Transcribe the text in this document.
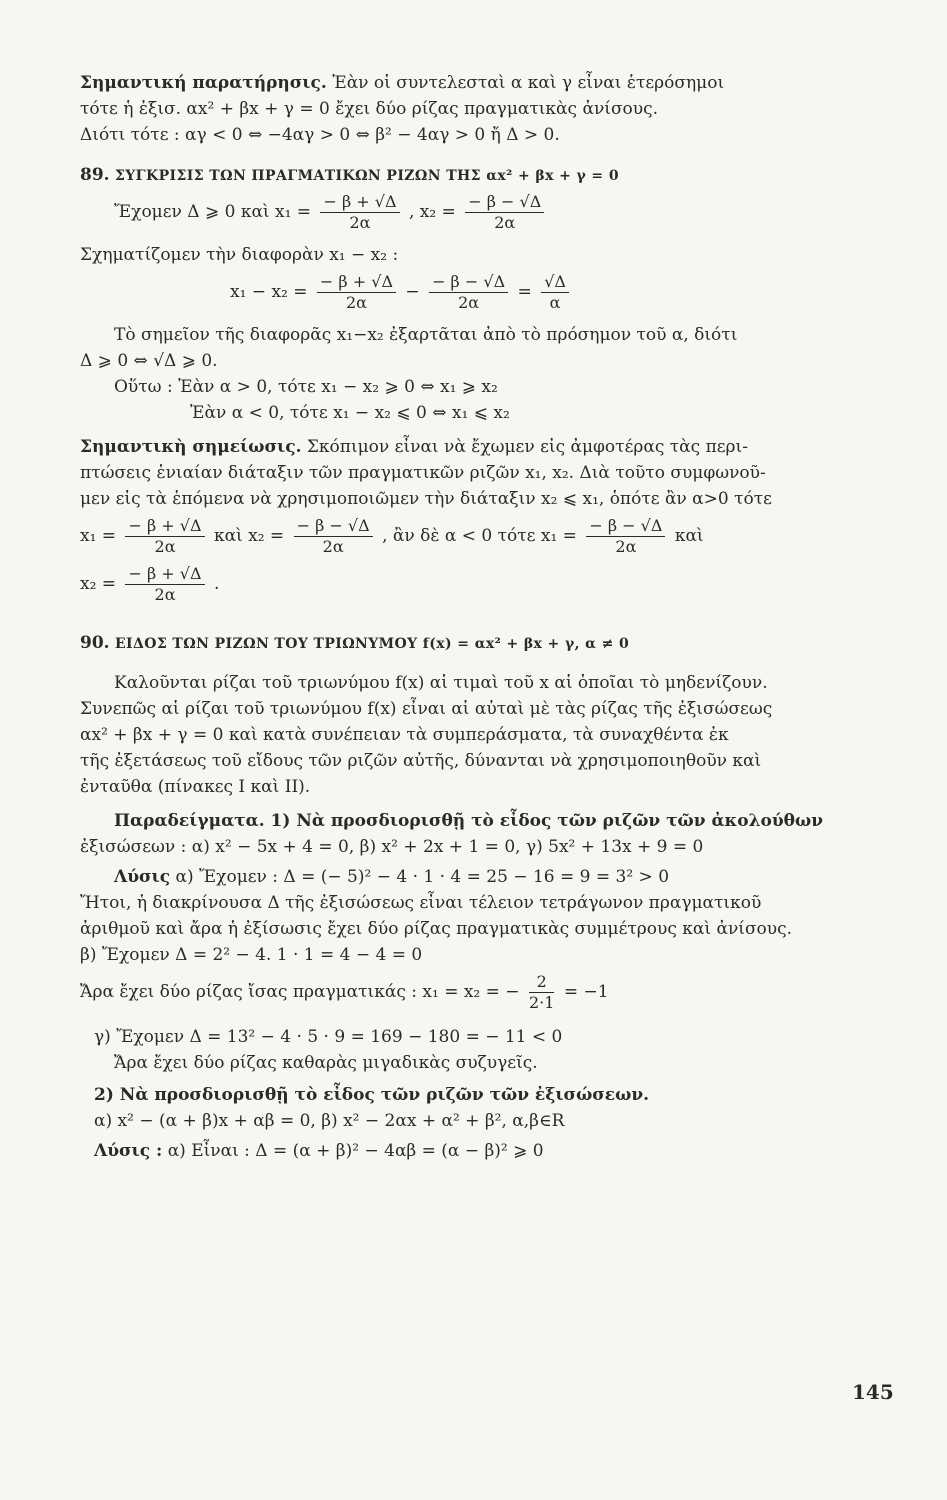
Σημαντική παρατήρησις. Ἐὰν οἱ συντελεσταὶ α καὶ γ εἶναι ἑτερόσημοι
τότε ἡ ἐξισ. αx² + βx + γ = 0 ἔχει δύο ρίζας πραγματικὰς ἀνίσους.
Διότι τότε : αγ < 0 ⇔ −4αγ > 0 ⇔ β² − 4αγ > 0 ἤ Δ > 0.
89. ΣΥΓΚΡΙΣΙΣ ΤΩΝ ΠΡΑΓΜΑΤΙΚΩΝ ΡΙΖΩΝ ΤΗΣ αx² + βx + γ = 0
Ἔχομεν Δ ⩾ 0 καὶ $x_1 = \frac{- \beta + √\Delta}{2\alpha}$ , $x_2 = \frac{- \beta - √\Delta}{2\alpha}$
Σχηματίζομεν τὴν διαφορὰν x₁ − x₂ :
$x_1 - x_2 = \frac{- \beta + √\Delta}{2\alpha} - \frac{- \beta - √\Delta}{2\alpha} = \frac{√\Delta}{\alpha}$
Τὸ σημεῖον τῆς διαφορᾶς x₁−x₂ ἐξαρτᾶται ἀπὸ τὸ πρόσημον τοῦ α, διότι
Δ ⩾ 0 ⇔ √Δ ⩾ 0.
Οὕτω : Ἐὰν α > 0, τότε x₁ − x₂ ⩾ 0 ⇔ x₁ ⩾ x₂
Ἐὰν α < 0, τότε x₁ − x₂ ⩽ 0 ⇔ x₁ ⩽ x₂
Σημαντικὴ σημείωσις. Σκόπιμον εἶναι νὰ ἔχωμεν εἰς ἀμφοτέρας τὰς περι-
πτώσεις ἑνιαίαν διάταξιν τῶν πραγματικῶν ριζῶν x₁, x₂. Διὰ τοῦτο συμφωνοῦ-
μεν εἰς τὰ ἑπόμενα νὰ χρησιμοποιῶμεν τὴν διάταξιν x₂ ⩽ x₁, ὁπότε ἂν α>0 τότε
$x_1 = \frac{- \beta + √\Delta}{2\alpha}$ καὶ $x_2 = \frac{- \beta - √\Delta}{2\alpha}$ , ἂν δὲ α < 0 τότε $x_1 = \frac{- \beta - √\Delta}{2\alpha}$ καὶ
$x_2 = \frac{- \beta + √\Delta}{2\alpha}$ .
90. ΕΙΔΟΣ ΤΩΝ ΡΙΖΩΝ ΤΟΥ ΤΡΙΩΝΥΜΟΥ f(x) = αx² + βx + γ, α ≠ 0
Καλοῦνται ρίζαι τοῦ τριωνύμου f(x) αἱ τιμαὶ τοῦ x αἱ ὁποῖαι τὸ μηδενίζουν.
Συνεπῶς αἱ ρίζαι τοῦ τριωνύμου f(x) εἶναι αἱ αὐταὶ μὲ τὰς ρίζας τῆς ἐξισώσεως
αx² + βx + γ = 0 καὶ κατὰ συνέπειαν τὰ συμπεράσματα, τὰ συναχθέντα ἐκ
τῆς ἐξετάσεως τοῦ εἴδους τῶν ριζῶν αὐτῆς, δύνανται νὰ χρησιμοποιηθοῦν καὶ
ἐνταῦθα (πίνακες I καὶ II).
Παραδείγματα. 1) Νὰ προσδιορισθῇ τὸ εἶδος τῶν ριζῶν τῶν ἀκολούθων
ἐξισώσεων : α) x² − 5x + 4 = 0, β) x² + 2x + 1 = 0, γ) 5x² + 13x + 9 = 0
Λύσις α) Ἔχομεν : Δ = (− 5)² − 4 · 1 · 4 = 25 − 16 = 9 = 3² > 0
Ἤτοι, ἡ διακρίνουσα Δ τῆς ἐξισώσεως εἶναι τέλειον τετράγωνον πραγματικοῦ
ἀριθμοῦ καὶ ἄρα ἡ ἐξίσωσις ἔχει δύο ρίζας πραγματικὰς συμμέτρους καὶ ἀνίσους.
β) Ἔχομεν Δ = 2² − 4. 1 · 1 = 4 − 4 = 0
Ἄρα ἔχει δύο ρίζας ἴσας πραγματικάς : x₁ = x₂ = − $\frac{2}{2\cdot 1} = -1$
γ) Ἔχομεν Δ = 13² − 4 · 5 · 9 = 169 − 180 = − 11 < 0
Ἄρα ἔχει δύο ρίζας καθαρὰς μιγαδικὰς συζυγεῖς.
2) Νὰ προσδιορισθῇ τὸ εἶδος τῶν ριζῶν τῶν ἐξισώσεων.
α) x² − (α + β)x + αβ = 0, β) x² − 2αx + α² + β², α,β∈R
Λύσις : α) Εἶναι : Δ = (α + β)² − 4αβ = (α − β)² ⩾ 0
145
